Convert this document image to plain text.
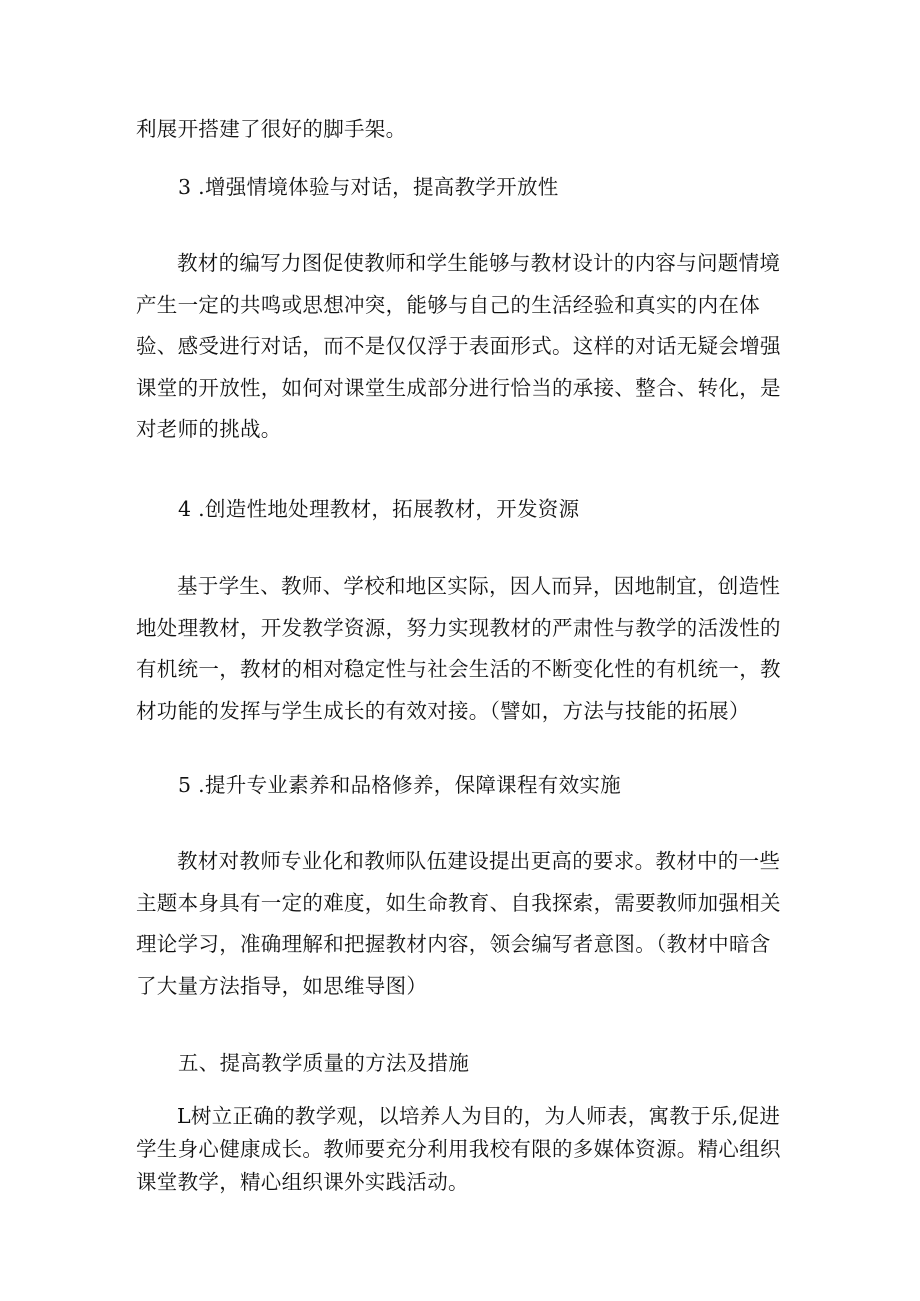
利展开搭建了很好的脚手架。

3 .增强情境体验与对话，提高教学开放性

教材的编写力图促使教师和学生能够与教材设计的内容与问题情境产生一定的共鸣或思想冲突，能够与自己的生活经验和真实的内在体验、感受进行对话，而不是仅仅浮于表面形式。这样的对话无疑会增强课堂的开放性，如何对课堂生成部分进行恰当的承接、整合、转化，是对老师的挑战。

4 .创造性地处理教材，拓展教材，开发资源

基于学生、教师、学校和地区实际，因人而异，因地制宜，创造性地处理教材，开发教学资源，努力实现教材的严肃性与教学的活泼性的有机统一，教材的相对稳定性与社会生活的不断变化性的有机统一，教材功能的发挥与学生成长的有效对接。（譬如，方法与技能的拓展）

5 .提升专业素养和品格修养，保障课程有效实施

教材对教师专业化和教师队伍建设提出更高的要求。教材中的一些主题本身具有一定的难度，如生命教育、自我探索，需要教师加强相关理论学习，准确理解和把握教材内容，领会编写者意图。（教材中暗含了大量方法指导，如思维导图）

五、提高教学质量的方法及措施

L树立正确的教学观，以培养人为目的，为人师表，寓教于乐,促进学生身心健康成长。教师要充分利用我校有限的多媒体资源。精心组织课堂教学，精心组织课外实践活动。
